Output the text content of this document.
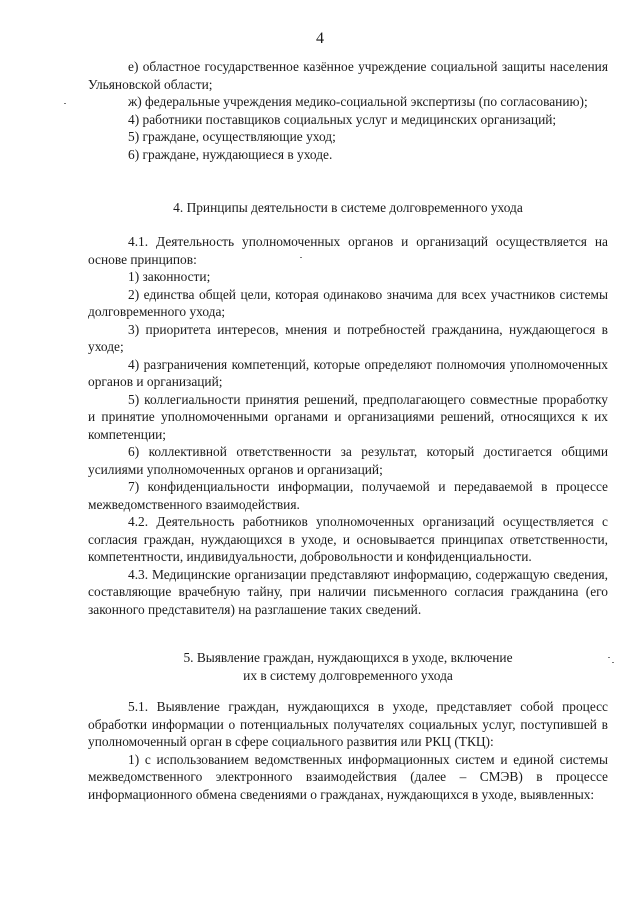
4

е) областное государственное казённое учреждение социальной защиты населения Ульяновской области;

ж) федеральные учреждения медико-социальной экспертизы (по согласованию);

4) работники поставщиков социальных услуг и медицинских организаций;

5) граждане, осуществляющие уход;

6) граждане, нуждающиеся в уходе.

4. Принципы деятельности в системе долговременного ухода

4.1. Деятельность уполномоченных органов и организаций осуществляется на основе принципов:

1) законности;

2) единства общей цели, которая одинаково значима для всех участников системы долговременного ухода;

3) приоритета интересов, мнения и потребностей гражданина, нуждающегося в уходе;

4) разграничения компетенций, которые определяют полномочия уполномоченных органов и организаций;

5) коллегиальности принятия решений, предполагающего совместные проработку и принятие уполномоченными органами и организациями решений, относящихся к их компетенции;

6) коллективной ответственности за результат, который достигается общими усилиями уполномоченных органов и организаций;

7) конфиденциальности информации, получаемой и передаваемой в процессе межведомственного взаимодействия.

4.2. Деятельность работников уполномоченных организаций осуществляется с согласия граждан, нуждающихся в уходе, и основывается принципах ответственности, компетентности, индивидуальности, добровольности и конфиденциальности.

4.3. Медицинские организации представляют информацию, содержащую сведения, составляющие врачебную тайну, при наличии письменного согласия гражданина (его законного представителя) на разглашение таких сведений.

5. Выявление граждан, нуждающихся в уходе, включение
их в систему долговременного ухода

5.1. Выявление граждан, нуждающихся в уходе, представляет собой процесс обработки информации о потенциальных получателях социальных услуг, поступившей в уполномоченный орган в сфере социального развития или РКЦ (ТКЦ):

1) с использованием ведомственных информационных систем и единой системы межведомственного электронного взаимодействия (далее – СМЭВ) в процессе информационного обмена сведениями о гражданах, нуждающихся в уходе, выявленных:
